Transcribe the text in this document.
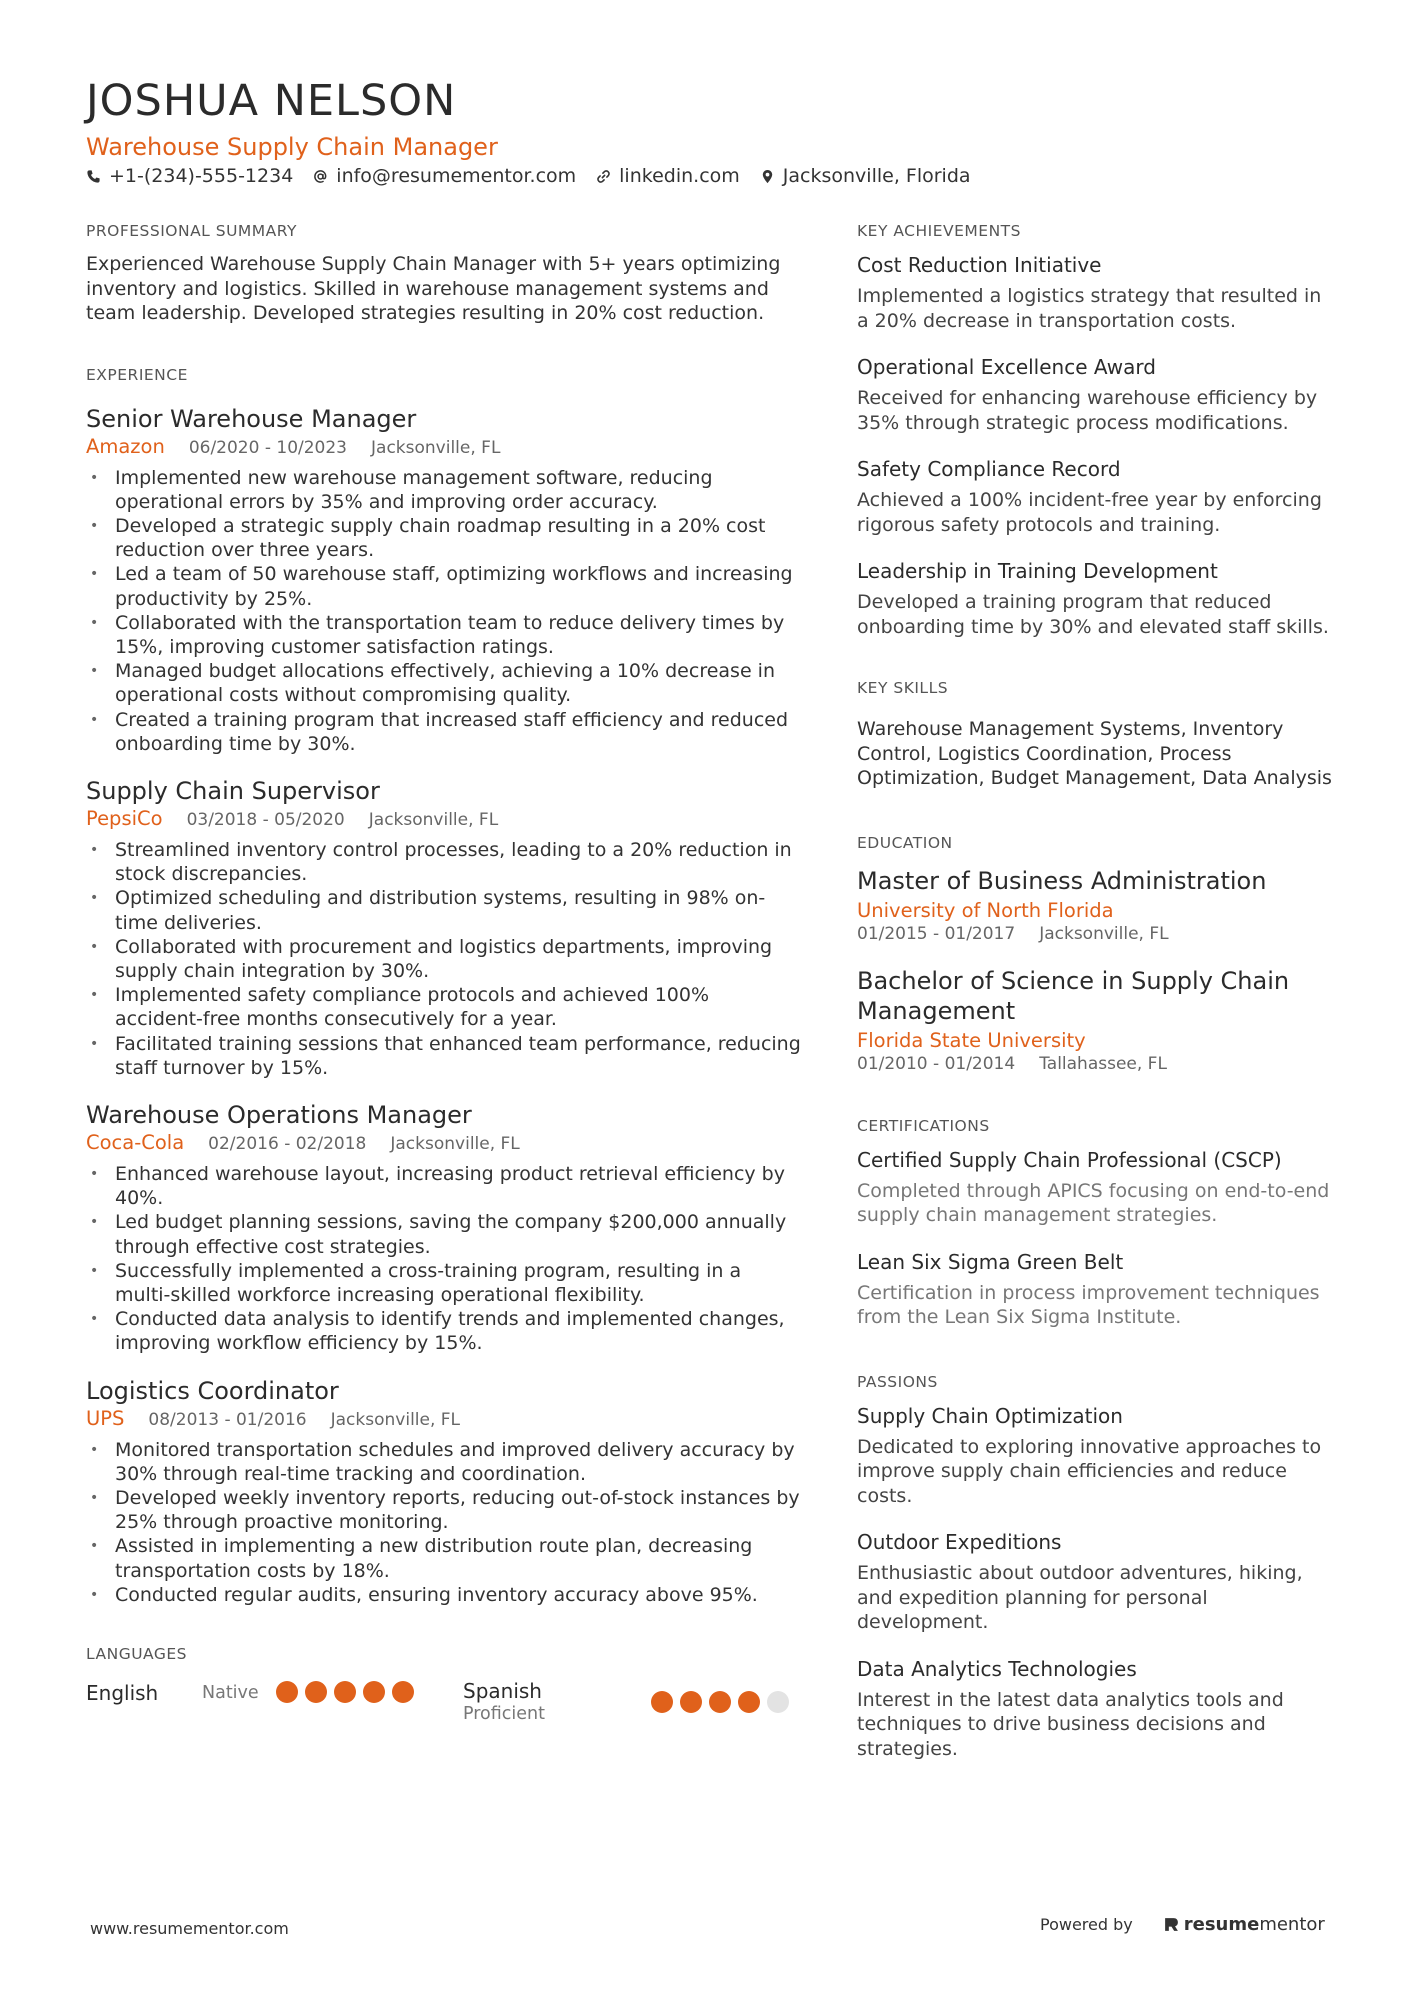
JOSHUA NELSON
Warehouse Supply Chain Manager
+1-(234)-555-1234 info@resumementor.com linkedin.com Jacksonville, Florida
PROFESSIONAL SUMMARY
Experienced Warehouse Supply Chain Manager with 5+ years optimizing inventory and logistics. Skilled in warehouse management systems and team leadership. Developed strategies resulting in 20% cost reduction.
EXPERIENCE
Senior Warehouse Manager
Amazon 06/2020 - 10/2023 Jacksonville, FL
• Implemented new warehouse management software, reducing operational errors by 35% and improving order accuracy.
• Developed a strategic supply chain roadmap resulting in a 20% cost reduction over three years.
• Led a team of 50 warehouse staff, optimizing workflows and increasing productivity by 25%.
• Collaborated with the transportation team to reduce delivery times by 15%, improving customer satisfaction ratings.
• Managed budget allocations effectively, achieving a 10% decrease in operational costs without compromising quality.
• Created a training program that increased staff efficiency and reduced onboarding time by 30%.
Supply Chain Supervisor
PepsiCo 03/2018 - 05/2020 Jacksonville, FL
• Streamlined inventory control processes, leading to a 20% reduction in stock discrepancies.
• Optimized scheduling and distribution systems, resulting in 98% on-time deliveries.
• Collaborated with procurement and logistics departments, improving supply chain integration by 30%.
• Implemented safety compliance protocols and achieved 100% accident-free months consecutively for a year.
• Facilitated training sessions that enhanced team performance, reducing staff turnover by 15%.
Warehouse Operations Manager
Coca-Cola 02/2016 - 02/2018 Jacksonville, FL
• Enhanced warehouse layout, increasing product retrieval efficiency by 40%.
• Led budget planning sessions, saving the company $200,000 annually through effective cost strategies.
• Successfully implemented a cross-training program, resulting in a multi-skilled workforce increasing operational flexibility.
• Conducted data analysis to identify trends and implemented changes, improving workflow efficiency by 15%.
Logistics Coordinator
UPS 08/2013 - 01/2016 Jacksonville, FL
• Monitored transportation schedules and improved delivery accuracy by 30% through real-time tracking and coordination.
• Developed weekly inventory reports, reducing out-of-stock instances by 25% through proactive monitoring.
• Assisted in implementing a new distribution route plan, decreasing transportation costs by 18%.
• Conducted regular audits, ensuring inventory accuracy above 95%.
LANGUAGES
English	Native	Spanish
Proficient
KEY ACHIEVEMENTS
Cost Reduction Initiative
Implemented a logistics strategy that resulted in a 20% decrease in transportation costs.
Operational Excellence Award
Received for enhancing warehouse efficiency by 35% through strategic process modifications.
Safety Compliance Record
Achieved a 100% incident-free year by enforcing rigorous safety protocols and training.
Leadership in Training Development
Developed a training program that reduced onboarding time by 30% and elevated staff skills.
KEY SKILLS
Warehouse Management Systems, Inventory Control, Logistics Coordination, Process Optimization, Budget Management, Data Analysis
EDUCATION
Master of Business Administration
University of North Florida
01/2015 - 01/2017 Jacksonville, FL
Bachelor of Science in Supply Chain Management
Florida State University
01/2010 - 01/2014 Tallahassee, FL
CERTIFICATIONS
Certified Supply Chain Professional (CSCP)
Completed through APICS focusing on end-to-end supply chain management strategies.
Lean Six Sigma Green Belt
Certification in process improvement techniques from the Lean Six Sigma Institute.
PASSIONS
Supply Chain Optimization
Dedicated to exploring innovative approaches to improve supply chain efficiencies and reduce costs.
Outdoor Expeditions
Enthusiastic about outdoor adventures, hiking, and expedition planning for personal development.
Data Analytics Technologies
Interest in the latest data analytics tools and techniques to drive business decisions and strategies.
www.resumementor.com	Powered by	resume mentor
